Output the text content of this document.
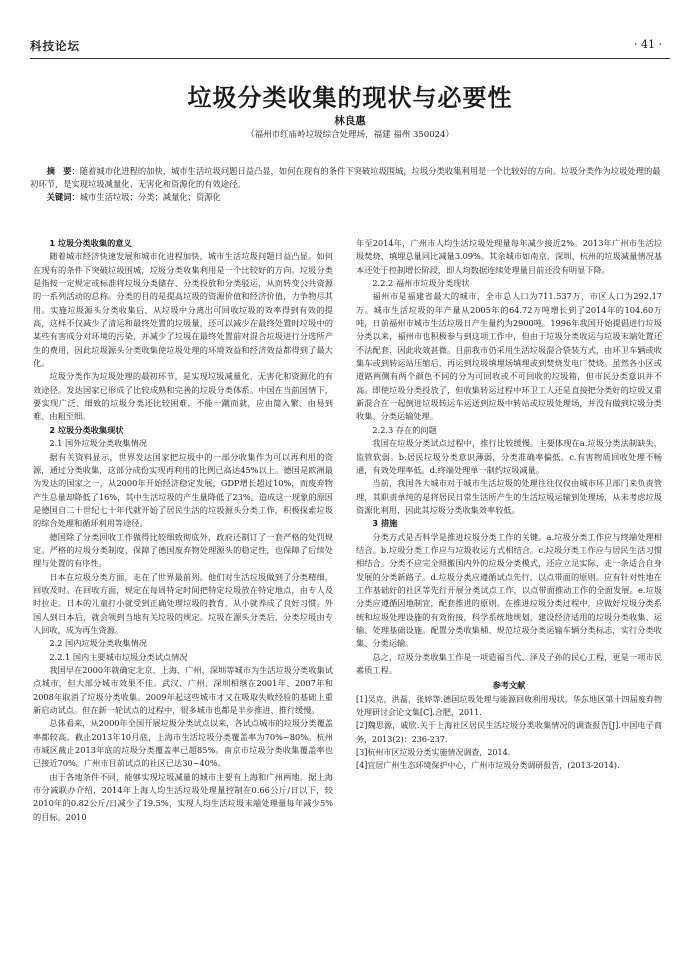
科技论坛	· 41 ·
垃圾分类收集的现状与必要性
林良惠
（福州市红庙岭垃圾综合处理场，福建 福州 350024）
摘　要：随着城市化进程的加快，城市生活垃圾问题日益凸显，如何在现有的条件下突破垃圾围城，垃圾分类收集利用是一个比较好的方向。垃圾分类作为垃圾处理的最初环节，是实现垃圾减量化、无害化和资源化的有效途径。
关键词：城市生活垃圾；分类；减量化；资源化

1 垃圾分类收集的意义

随着城市经济快速发展和城市化进程加快，城市生活垃圾问题日益凸显。如何在现有的条件下突破垃圾围城，垃圾分类收集利用是一个比较好的方向。垃圾分类是指按一定规定或标准将垃圾分类储存、分类投放和分类驳运，从而转变公共资源的一系列活动的总称。分类的目的是提高垃圾的资源价值和经济价值，力争物尽其用。实施垃圾源头分类收集后，从垃圾中分离出可回收垃圾的效率得到有效的提高，这样不仅减少了清运和最终处置的垃圾量，还可以减少在最终处置时垃圾中的某些有害成分对环境的污染，并减少了垃圾在最终处置前对混合垃圾进行分选所产生的费用，因此垃圾源头分类收集使垃圾处理的环境效益和经济效益都得到了最大化。

垃圾分类作为垃圾处理的最初环节，是实现垃圾减量化、无害化和资源化的有效途径。发达国家已形成了比较成熟和完善的垃圾分类体系。中国在当前国情下，要实现广泛、细致的垃圾分类还比较困难，不能一蹴而就，应由简入繁、由易到难、由粗至细。

2 垃圾分类收集现状

2.1 国外垃圾分类收集情况

据有关资料显示，世界发达国家把垃圾中的一部分收集作为可以再利用的资源，通过分类收集，这部分成份实现再利用的比例已高达45%以上。德国是欧洲最为发达的国家之一，从2000年开始经济稳定发展，GDP增长超过10%，而废弃物产生总量却降低了16%，其中生活垃圾的产生量降低了23%。造成这一现象的原因是德国自二十世纪七十年代就开始了居民生活的垃圾源头分类工作，积极探索垃圾的综合处理和循环利用等途径。

德国除了分类回收工作做得比较细致彻底外，政府还制订了一套严格的处罚规定。严格的垃圾分类制度，保障了德国废弃物处理源头的稳定性，也保障了后续处理与处置的有序性。

日本在垃圾分类方面，走在了世界最前列。他们对生活垃圾做到了分类精细，回收及时。在回收方面，规定在每周特定时间把特定垃圾放在特定地点，由专人及时拉走。日本的儿童打小就受到正确处理垃圾的教育，从小就养成了良好习惯。外国人到日本后，就会领到当地有关垃圾的规定。垃圾在源头分类后，分类垃圾由专人回收，成为再生资源。

2.2 国内垃圾分类收集情况

2.2.1 国内主要城市垃圾分类试点情况

我国早在2000年就确定北京、上海、广州、深圳等城市为生活垃圾分类收集试点城市，但大部分城市效果不佳。武汉、广州、深圳相继在2001年、2007年和2008年取消了垃圾分类收集。2009年起这些城市才又在吸取失败经验的基础上重新启动试点。但在新一轮试点的过程中，很多城市也都是半步推进、推行缓慢。

总体看来，从2000年全国开展垃圾分类试点以来，各试点城市的垃圾分类覆盖率都较高。截止2013年10月底，上海市生活垃圾分类覆盖率为70%~80%。杭州市城区截止2013年底的垃圾分类覆盖率已超85%。南京市垃圾分类收集覆盖率也已接近70%。广州市目前试点的社区已达30~40%。

由于各地条件不同，能够实现垃圾减量的城市主要有上海和广州两地。据上海市分减联办介绍，2014年上海人均生活垃圾处理量控制在0.66公斤/日以下，较2010年的0.82公斤/日减少了19.5%，实现人均生活垃圾末端处理量每年减少5%的目标。2010

年至2014年，广州市人均生活垃圾处理量每年减少接近2%。2013年广州市生活垃圾焚烧、填埋总量同比减量3.09%。其余城市如南京、深圳、杭州的垃圾减量情况基本还处于控制增长阶段，即人均数据连续处理量目前还没有明显下降。

2.2.2 福州市垃圾分类现状

福州市是福建省最大的城市，全市总人口为711.537万，市区人口为292.17万。城市生活垃圾的年产量从2005年的64.72万吨增长到了2014年的104.60万吨，日前福州市城市生活垃圾日产生量约为2900吨。1996年我国开始提倡进行垃圾分类以来，福州市也积极参与到这项工作中，但由于垃圾分类收运与垃圾末端处置还不法配套，因此收效甚微。目前我市仍采用生活垃圾混合袋装方式，由环卫车辆或收集车或到转运站压缩后，再运到垃圾填埋场填埋或到焚烧发电厂焚烧。虽然各小区或道路两侧有两个颜色不同的分为可回收或不可回收的垃圾箱，但市民分类意识并不高。即使垃圾分类投放了，但收集转运过程中环卫工人还是直接把分类好的垃圾又重新混合在一起倒进垃圾转运车运送到垃圾中转站或垃圾处理场，并没有做到垃圾分类收集、分类运输处理。

2.2.3 存在的问题

我国在垃圾分类试点过程中，推行比较缓慢。主要体现在a.垃圾分类法制缺失，监管软弱。b.居民垃圾分类意识薄弱，分类准确率偏低。c.有害物质回收处理不畅通，有效处理率低。d.终端处理单一制约垃圾减量。

当前，我国各大城市对于城市生活垃圾的处理往往仅仅由城市环卫部门来负责管理，其职责单纯的是将居民日常生活所产生的生活垃圾运输到处理场，从未考虑垃圾资源化利用，因此其垃圾分类收集效率较低。

3 措施

分类方式是否科学是推进垃圾分类工作的关键。a.垃圾分类工作应与终端处理相结合。b.垃圾分类工作应与垃圾收运方式相结合。c.垃圾分类工作应与居民生活习惯相结合。分类不应完全照搬国内外的垃圾分类模式，还应立足实际，走一条适合自身发展的分类新路子。d.垃圾分类应遵循试点先行，以点带面的原则。应有针对性地在工作基础好的社区等先行开展分类试点工作，以点带面推动工作的全面发展。e.垃圾分类应遵循因地制宜，配套推进的原则。在推进垃圾分类过程中，应做好垃圾分类系统和垃圾处理设施的有效衔接，科学系统地规划，建设经济适用的垃圾分类收集、运输、处理基础设施。配置分类收集桶、规范垃圾分类运输车辆分类标志，实行分类收集、分类运输。

总之，垃圾分类收集工作是一项造福当代、泽及子孙的民心工程，更是一项市民素质工程。

参考文献

[1]吴克，洪磊，张婷等.德国垃圾处理与能源回收利用现状，华东地区第十四届废弃物处理研讨会论文集[C].合肥，2011.

[2]魏思源，戚欣.关于上海社区居民生活垃圾分类收集情况的调查报告[J].中国电子商务，2013(2)：236-237.

[3]杭州市区垃圾分类实施情况调查，2014.

[4]宜居广州生态环境保护中心，广州市垃圾分类调研报告，(2013-2014).
